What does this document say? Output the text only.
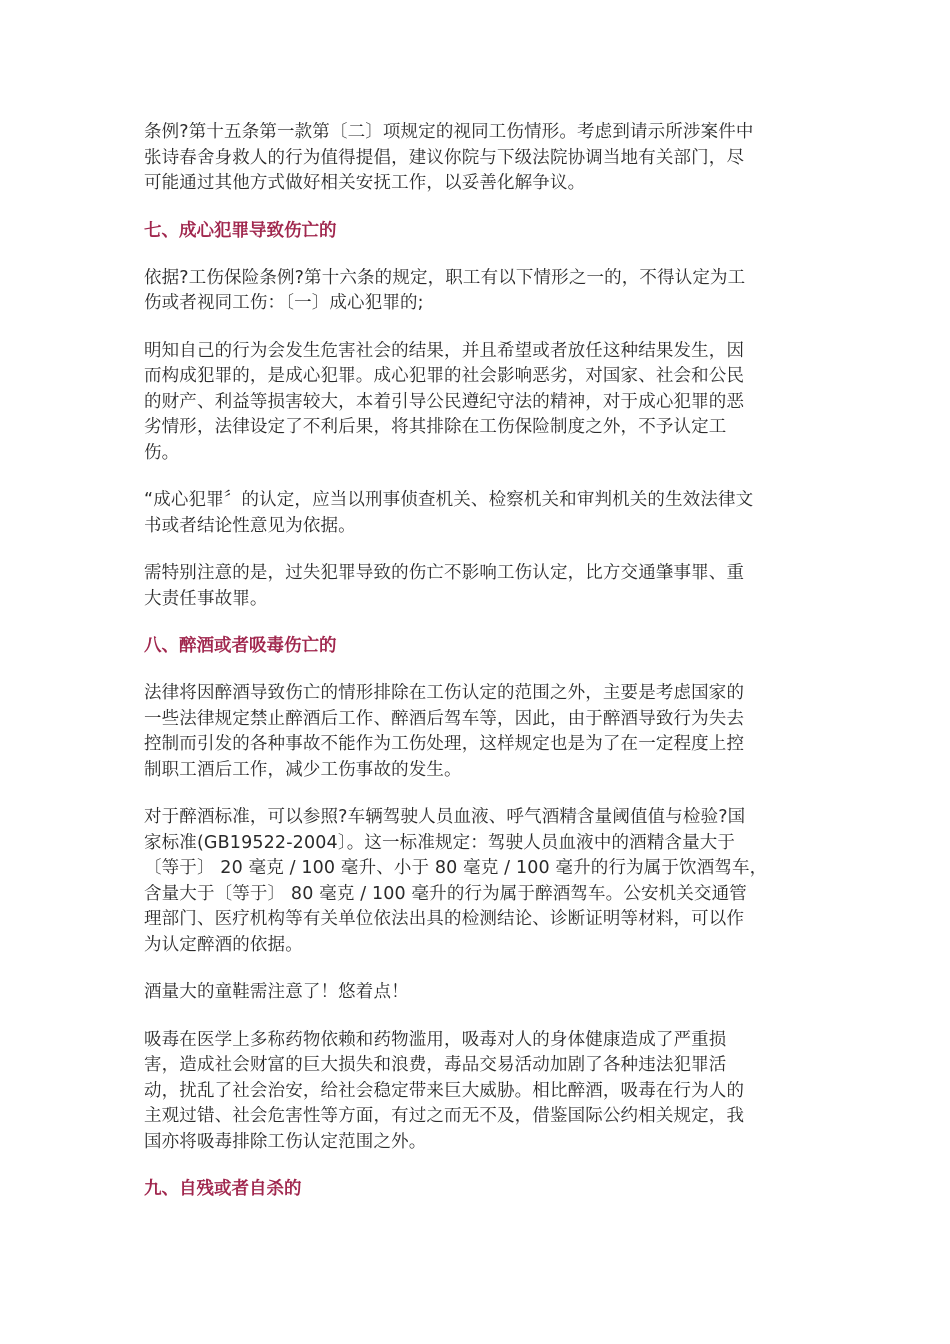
条例?第十五条第一款第〔二〕项规定的视同工伤情形。考虑到请示所涉案件中
张诗春舍身救人的行为值得提倡，建议你院与下级法院协调当地有关部门，尽
可能通过其他方式做好相关安抚工作，以妥善化解争议。
七、成心犯罪导致伤亡的
依据?工伤保险条例?第十六条的规定，职工有以下情形之一的，不得认定为工
伤或者视同工伤：〔一〕成心犯罪的;
明知自己的行为会发生危害社会的结果，并且希望或者放任这种结果发生，因
而构成犯罪的，是成心犯罪。成心犯罪的社会影响恶劣，对国家、社会和公民
的财产、利益等损害较大，本着引导公民遵纪守法的精神，对于成心犯罪的恶
劣情形，法律设定了不利后果，将其排除在工伤保险制度之外，不予认定工
伤。
“成心犯罪〞的认定，应当以刑事侦查机关、检察机关和审判机关的生效法律文
书或者结论性意见为依据。
需特别注意的是，过失犯罪导致的伤亡不影响工伤认定，比方交通肇事罪、重
大责任事故罪。
八、醉酒或者吸毒伤亡的
法律将因醉酒导致伤亡的情形排除在工伤认定的范围之外，主要是考虑国家的
一些法律规定禁止醉酒后工作、醉酒后驾车等，因此，由于醉酒导致行为失去
控制而引发的各种事故不能作为工伤处理，这样规定也是为了在一定程度上控
制职工酒后工作，减少工伤事故的发生。
对于醉酒标准，可以参照?车辆驾驶人员血液、呼气酒精含量阈值值与检验?国
家标准(GB19522-2004〕。这一标准规定：驾驶人员血液中的酒精含量大于
〔等于〕 20 毫克 / 100 毫升、小于 80 毫克 / 100 毫升的行为属于饮酒驾车，
含量大于〔等于〕 80 毫克 / 100 毫升的行为属于醉酒驾车。公安机关交通管
理部门、医疗机构等有关单位依法出具的检测结论、诊断证明等材料，可以作
为认定醉酒的依据。
酒量大的童鞋需注意了！悠着点！
吸毒在医学上多称药物依赖和药物滥用，吸毒对人的身体健康造成了严重损
害，造成社会财富的巨大损失和浪费，毒品交易活动加剧了各种违法犯罪活
动，扰乱了社会治安，给社会稳定带来巨大威胁。相比醉酒，吸毒在行为人的
主观过错、社会危害性等方面，有过之而无不及，借鉴国际公约相关规定，我
国亦将吸毒排除工伤认定范围之外。
九、自残或者自杀的
